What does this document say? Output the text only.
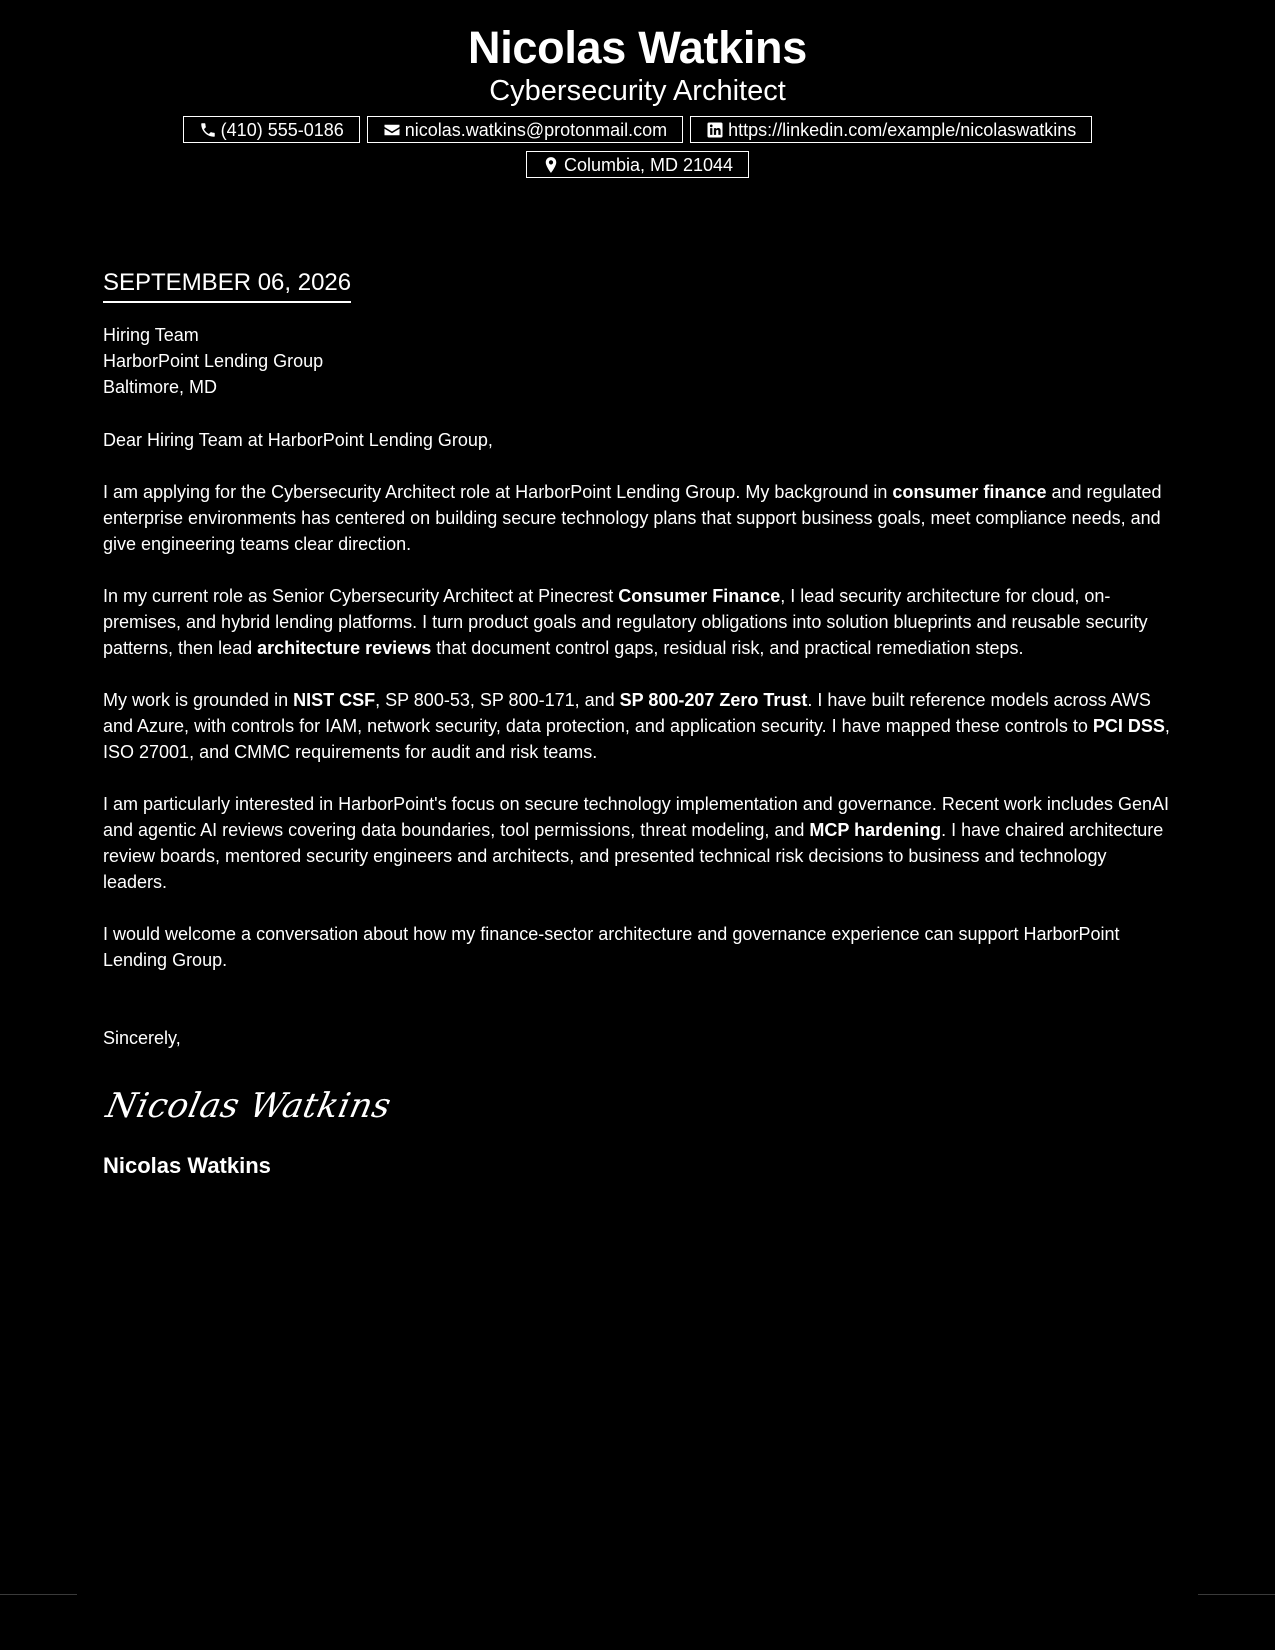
Nicolas Watkins
Cybersecurity Architect
(410) 555-0186	nicolas.watkins@protonmail.com	https://linkedin.com/example/nicolaswatkins
Columbia, MD 21044
SEPTEMBER 06, 2026
Hiring Team
HarborPoint Lending Group
Baltimore, MD
Dear Hiring Team at HarborPoint Lending Group,

I am applying for the Cybersecurity Architect role at HarborPoint Lending Group. My background in consumer finance and regulated enterprise environments has centered on building secure technology plans that support business goals, meet compliance needs, and give engineering teams clear direction.

In my current role as Senior Cybersecurity Architect at Pinecrest Consumer Finance, I lead security architecture for cloud, on-premises, and hybrid lending platforms. I turn product goals and regulatory obligations into solution blueprints and reusable security patterns, then lead architecture reviews that document control gaps, residual risk, and practical remediation steps.

My work is grounded in NIST CSF, SP 800-53, SP 800-171, and SP 800-207 Zero Trust. I have built reference models across AWS and Azure, with controls for IAM, network security, data protection, and application security. I have mapped these controls to PCI DSS, ISO 27001, and CMMC requirements for audit and risk teams.

I am particularly interested in HarborPoint's focus on secure technology implementation and governance. Recent work includes GenAI and agentic AI reviews covering data boundaries, tool permissions, threat modeling, and MCP hardening. I have chaired architecture review boards, mentored security engineers and architects, and presented technical risk decisions to business and technology leaders.

I would welcome a conversation about how my finance-sector architecture and governance experience can support HarborPoint Lending Group.

Sincerely,
Nicolas Watkins
Nicolas Watkins
